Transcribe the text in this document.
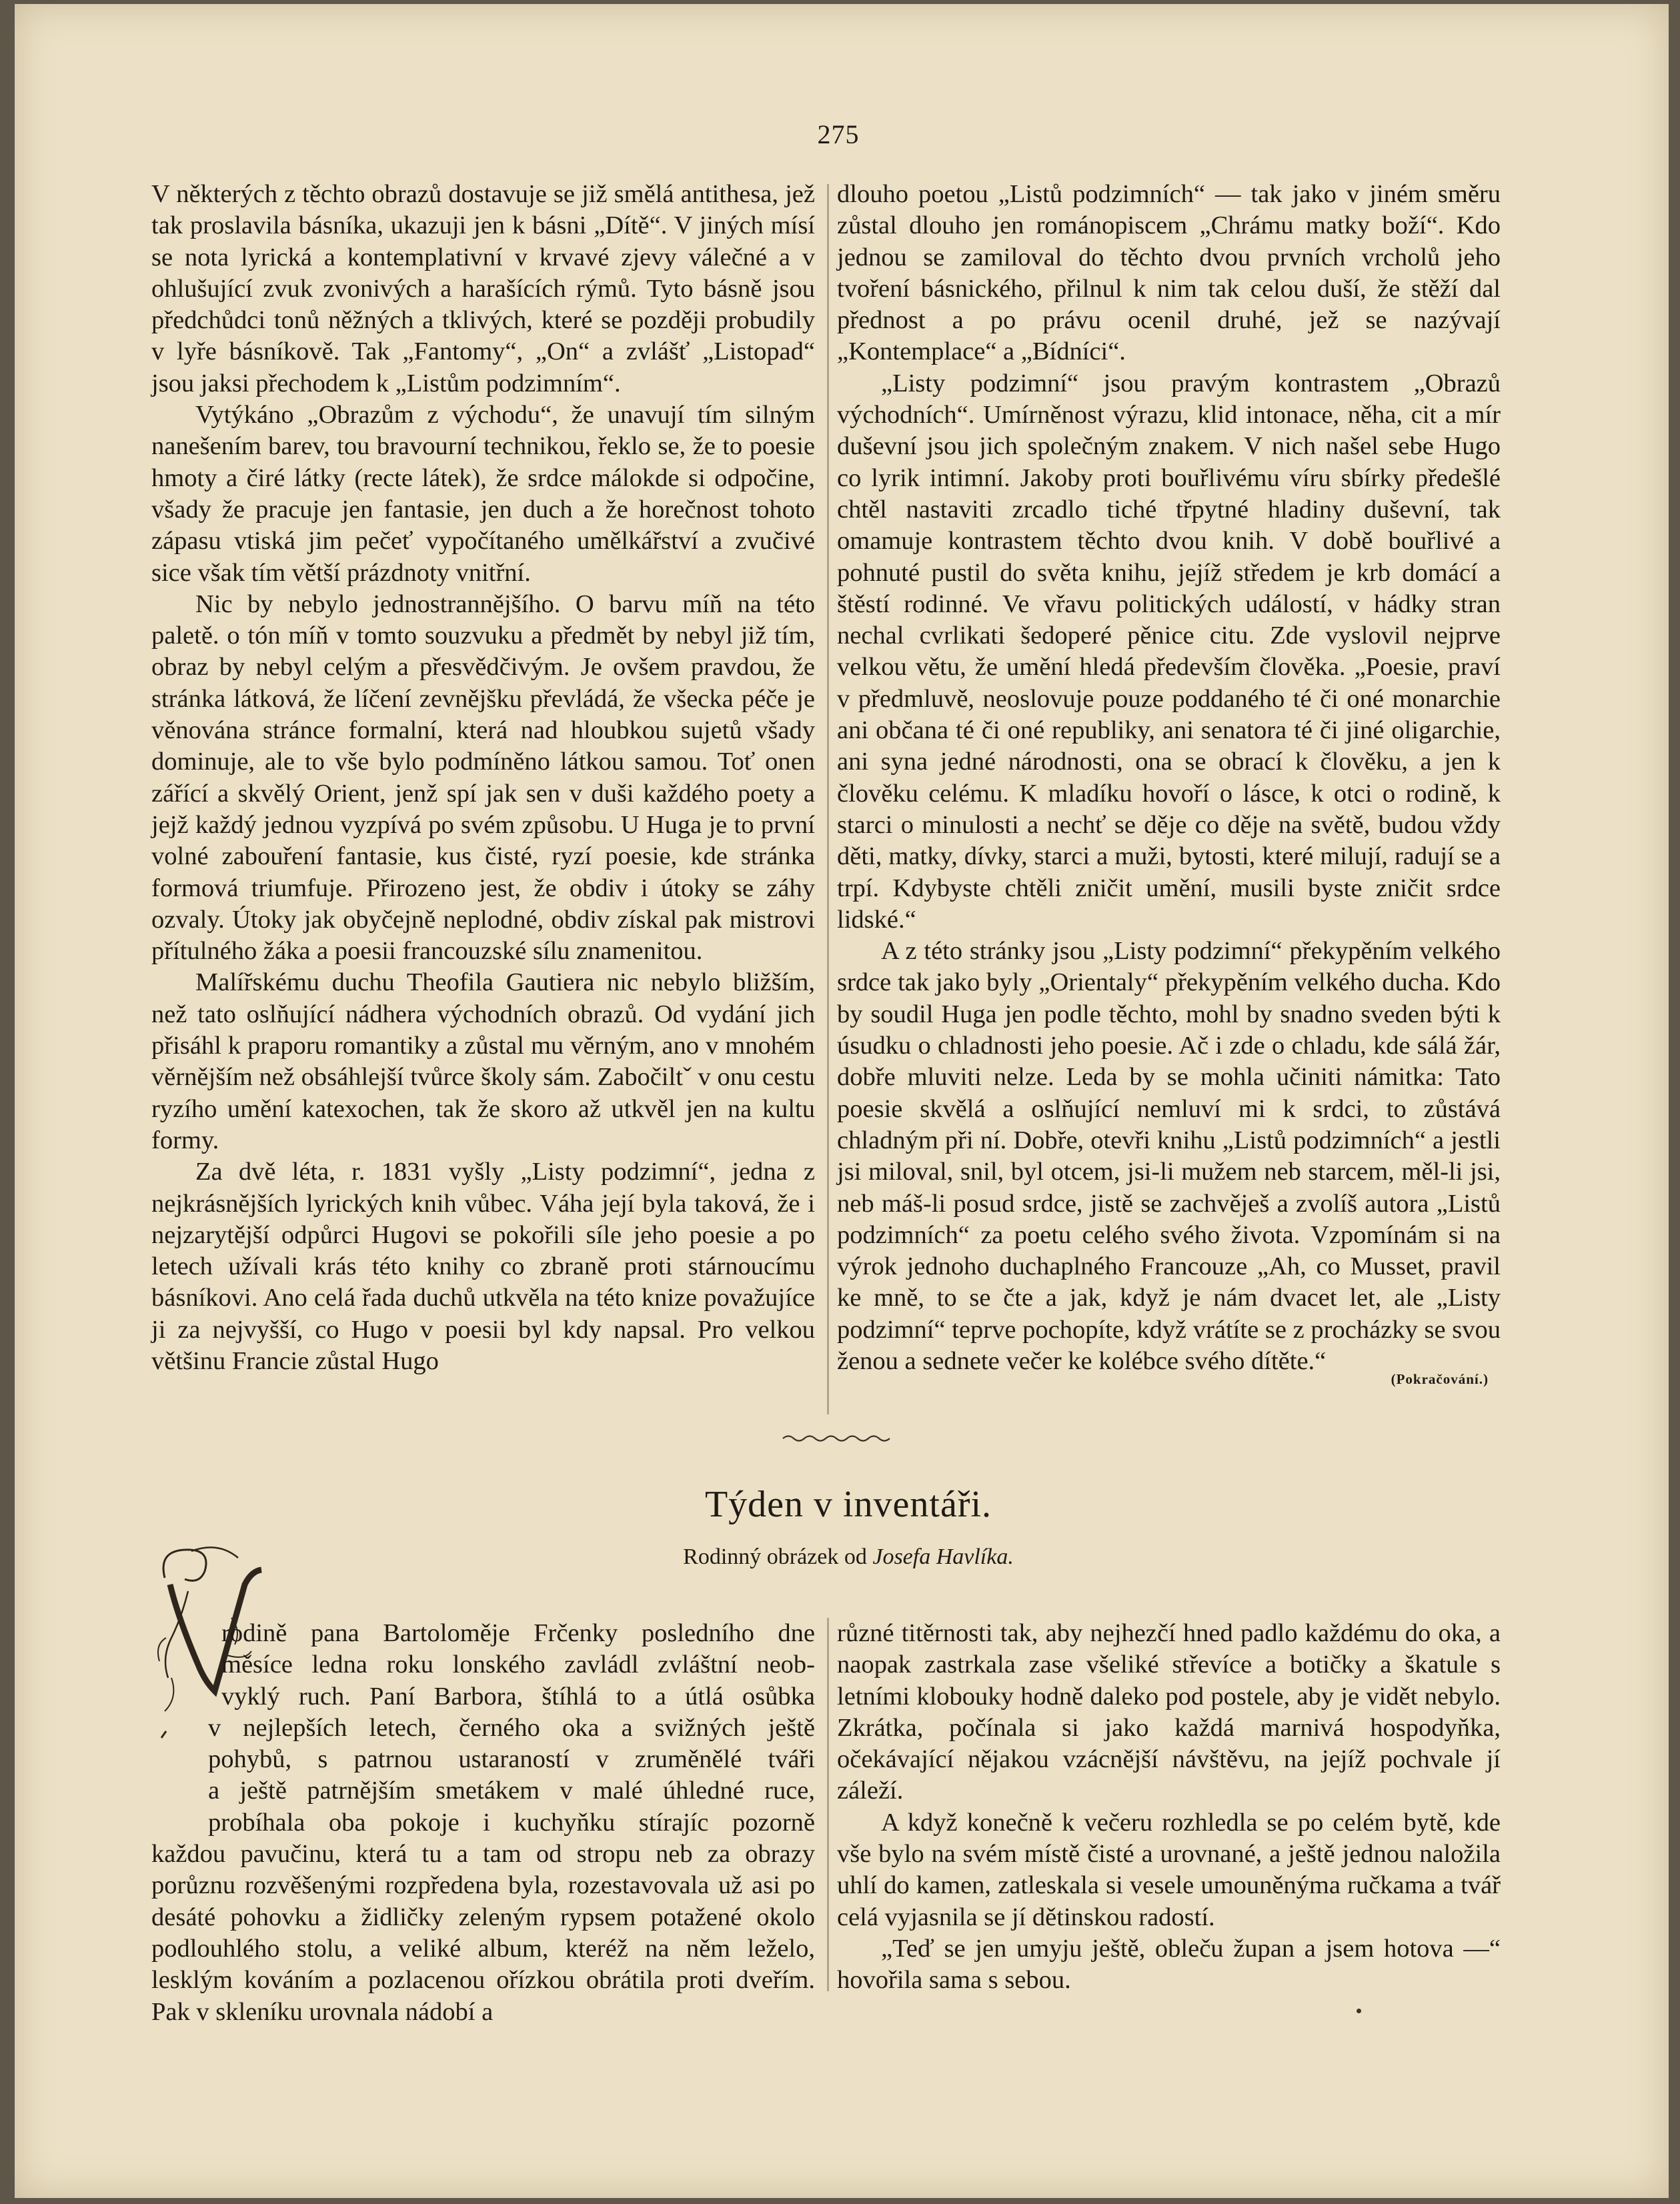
275

V některých z těchto obrazů dostavuje se již smělá antithesa, jež tak proslavila básníka, ukazuji jen k básni „Dítě“. V jiných mísí se nota lyrická a kontemplativní v krvavé zjevy válečné a v ohlušující zvuk zvonivých a harašících rýmů. Tyto básně jsou předchůdci tonů něžných a tklivých, které se později probudily v lyře básníkově. Tak „Fantomy“, „On“ a zvlášť „Listopad“ jsou jaksi přechodem k „Listům podzimním“.

Vytýkáno „Obrazům z východu“, že unavují tím silným nanešením barev, tou bravourní technikou, řeklo se, že to poesie hmoty a čiré látky (recte látek), že srdce málokde si odpočine, všady že pracuje jen fantasie, jen duch a že horečnost tohoto zápasu vtiská jim pečeť vypočítaného umělkářství a zvučivé sice však tím větší prázdnoty vnitřní.

Nic by nebylo jednostrannějšího. O barvu míň na této paletě. o tón míň v tomto souzvuku a předmět by nebyl již tím, obraz by nebyl celým a přesvědčivým. Je ovšem pravdou, že stránka látková, že líčení zevnějšku převládá, že všecka péče je věnována stránce formalní, která nad hloubkou sujetů všady dominuje, ale to vše bylo podmíněno látkou samou. Toť onen zářící a skvělý Orient, jenž spí jak sen v duši každého poety a jejž každý jednou vyzpívá po svém způsobu. U Huga je to první volné zabouření fantasie, kus čisté, ryzí poesie, kde stránka formová triumfuje. Přirozeno jest, že obdiv i útoky se záhy ozvaly. Útoky jak obyčejně neplodné, obdiv získal pak mistrovi přítulného žáka a poesii francouzské sílu znamenitou.

Malířskému duchu Theofila Gautiera nic nebylo bližším, než tato oslňující nádhera východních obrazů. Od vydání jich přisáhl k praporu romantiky a zůstal mu věrným, ano v mnohém věrnějším než obsáhlejší tvůrce školy sám. Zabočiltˇ v onu cestu ryzího umění katexochen, tak že skoro až utkvěl jen na kultu formy.

Za dvě léta, r. 1831 vyšly „Listy podzimní“, jedna z nejkrásnějších lyrických knih vůbec. Váha její byla taková, že i nejzarytější odpůrci Hugovi se pokořili síle jeho poesie a po letech užívali krás této knihy co zbraně proti stárnoucímu básníkovi. Ano celá řada duchů utkvěla na této knize považujíce ji za nejvyšší, co Hugo v poesii byl kdy napsal. Pro velkou většinu Francie zůstal Hugo

dlouho poetou „Listů podzimních“ — tak jako v jiném směru zůstal dlouho jen románopiscem „Chrámu matky boží“. Kdo jednou se zamiloval do těchto dvou prvních vrcholů jeho tvoření básnického, přilnul k nim tak celou duší, že stěží dal přednost a po právu ocenil druhé, jež se nazývají „Kontemplace“ a „Bídníci“.

„Listy podzimní“ jsou pravým kontrastem „Obrazů východních“. Umírněnost výrazu, klid intonace, něha, cit a mír duševní jsou jich společným znakem. V nich našel sebe Hugo co lyrik intimní. Jakoby proti bouřlivému víru sbírky předešlé chtěl nastaviti zrcadlo tiché třpytné hladiny duševní, tak omamuje kontrastem těchto dvou knih. V době bouřlivé a pohnuté pustil do světa knihu, jejíž středem je krb domácí a štěstí rodinné. Ve vřavu politických událostí, v hádky stran nechal cvrlikati šedoperé pěnice citu. Zde vyslovil nejprve velkou větu, že umění hledá především člověka. „Poesie, praví v předmluvě, neoslovuje pouze poddaného té či oné monarchie ani občana té či oné republiky, ani senatora té či jiné oligarchie, ani syna jedné národnosti, ona se obrací k člověku, a jen k člověku celému. K mladíku hovoří o lásce, k otci o rodině, k starci o minulosti a nechť se děje co děje na světě, budou vždy děti, matky, dívky, starci a muži, bytosti, které milují, radují se a trpí. Kdybyste chtěli zničit umění, musili byste zničit srdce lidské.“

A z této stránky jsou „Listy podzimní“ překypěním velkého srdce tak jako byly „Orientaly“ překypěním velkého ducha. Kdo by soudil Huga jen podle těchto, mohl by snadno sveden býti k úsudku o chladnosti jeho poesie. Ač i zde o chladu, kde sálá žár, dobře mluviti nelze. Leda by se mohla učiniti námitka: Tato poesie skvělá a oslňující nemluví mi k srdci, to zůstává chladným při ní. Dobře, otevři knihu „Listů podzimních“ a jestli jsi miloval, snil, byl otcem, jsi-li mužem neb starcem, měl-li jsi, neb máš-li posud srdce, jistě se zachvěješ a zvolíš autora „Listů podzimních“ za poetu celého svého života. Vzpomínám si na výrok jednoho duchaplného Francouze „Ah, co Musset, pravil ke mně, to se čte a jak, když je nám dvacet let, ale „Listy podzimní“ teprve pochopíte, když vrátíte se z procházky se svou ženou a sednete večer ke kolébce svého dítěte.“

(Pokračování.)
Týden v inventáři.
Rodinný obrázek od Josefa Havlíka.
V
rodině pana Bartoloměje Frčenky posledního dne
měsíce ledna roku lonského zavládl zvláštní neob-
vyklý ruch. Paní Barbora, štíhlá to a útlá osůbka
v nejlepších letech, černého oka a svižných ještě
pohybů, s patrnou ustaraností v zruměnělé tváři
a ještě patrnějším smetákem v malé úhledné ruce,
probíhala oba pokoje i kuchyňku stírajíc pozorně
každou pavučinu, která tu a tam od stropu neb za obrazy porůznu rozvěšenými rozpředena byla, rozestavovala už asi po desáté pohovku a židličky zeleným rypsem potažené okolo podlouhlého stolu, a veliké album, kteréž na něm leželo, lesklým kováním a pozlacenou ořízkou obrátila proti dveřím. Pak v skleníku urovnala nádobí a

různé titěrnosti tak, aby nejhezčí hned padlo každému do oka, a naopak zastrkala zase všeliké střevíce a botičky a škatule s letními klobouky hodně daleko pod postele, aby je vidět nebylo. Zkrátka, počínala si jako každá marnivá hospodyňka, očekávající nějakou vzácnější návštěvu, na jejíž pochvale jí záleží.

A když konečně k večeru rozhledla se po celém bytě, kde vše bylo na svém místě čisté a urovnané, a ještě jednou naložila uhlí do kamen, zatleskala si vesele umouněnýma ručkama a tvář celá vyjasnila se jí dětinskou radostí.

„Teď se jen umyju ještě, obleču župan a jsem hotova —“ hovořila sama s sebou.
